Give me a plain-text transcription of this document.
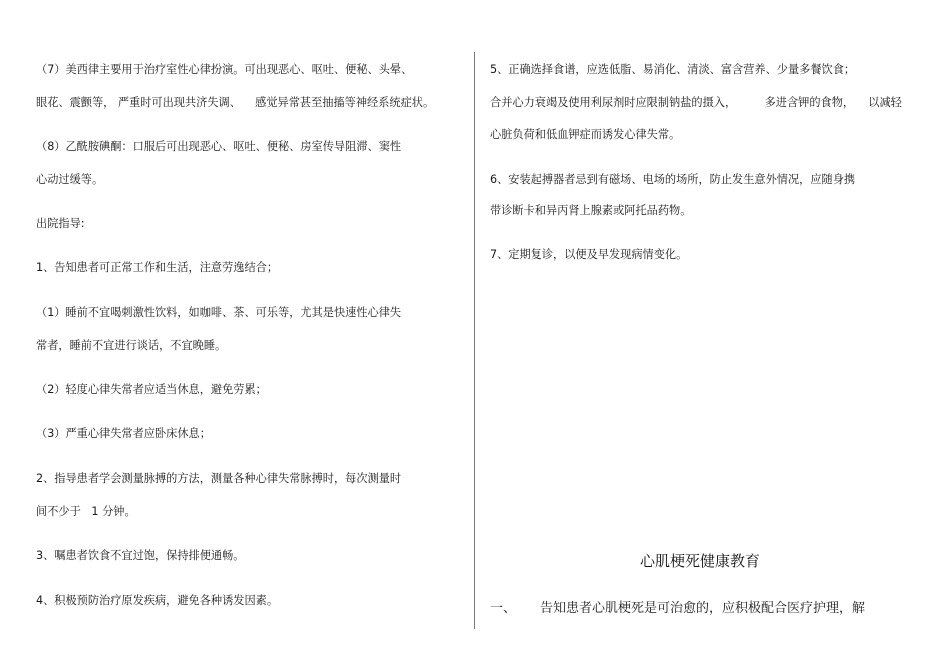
（7）美西律主要用于治疗室性心律扮演。可出现恶心、呕吐、便秘、头晕、
眼花、震颤等， 严重时可出现共济失调、    感觉异常甚至抽搐等神经系统症状。
（8）乙酰胺碘酮：口服后可出现恶心、呕吐、便秘、房室传导阻滞、窦性
心动过缓等。
出院指导:
1、告知患者可正常工作和生活，注意劳逸结合；
（1）睡前不宜喝刺激性饮料，如咖啡、茶、可乐等，尤其是快速性心律失
常者，睡前不宜进行谈话，不宜晚睡。
（2）轻度心律失常者应适当休息，避免劳累；
（3）严重心律失常者应卧床休息；
2、指导患者学会测量脉搏的方法，测量各种心律失常脉搏时，每次测量时
间不少于   1 分钟。
3、嘱患者饮食不宜过饱，保持排便通畅。
4、积极预防治疗原发疾病，避免各种诱发因素。
5、正确选择食谱，应选低脂、易消化、清淡、富含营养、少量多餐饮食；
合并心力衰竭及使用利尿剂时应限制钠盐的摄入，        多进含钾的食物，    以减轻
心脏负荷和低血钾症而诱发心律失常。
6、安装起搏器者忌到有磁场、电场的场所，防止发生意外情况，应随身携
带诊断卡和异丙肾上腺素或阿托品药物。
7、定期复诊，以便及早发现病情变化。
心肌梗死健康教育
一、 告知患者心肌梗死是可治愈的，应积极配合医疗护理，解
